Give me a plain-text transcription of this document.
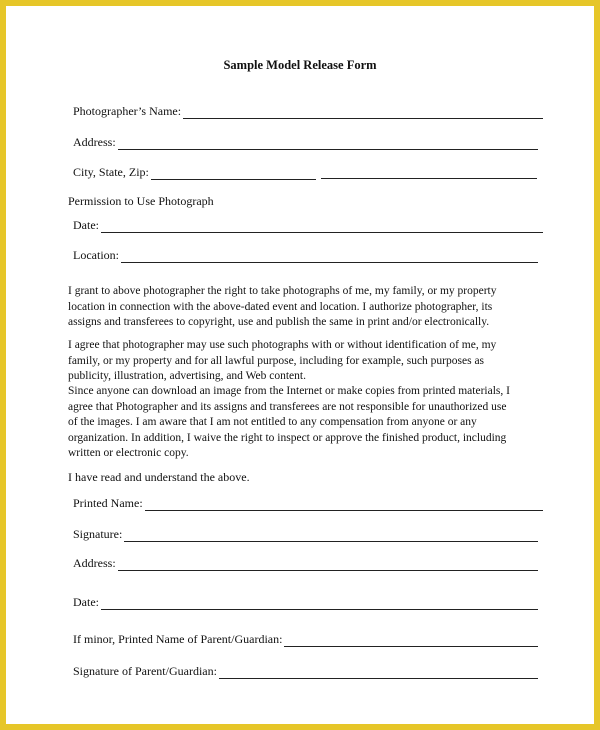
Sample Model Release Form
Photographer’s Name:
Address:
City, State, Zip:
Permission to Use Photograph
Date:
Location:
I grant to above photographer the right to take photographs of me, my family, or my property
location in connection with the above-dated event and location. I authorize photographer, its
assigns and transferees to copyright, use and publish the same in print and/or electronically.
I agree that photographer may use such photographs with or without identification of me, my
family, or my property and for all lawful purpose, including for example, such purposes as
publicity, illustration, advertising, and Web content.
Since anyone can download an image from the Internet or make copies from printed materials, I
agree that Photographer and its assigns and transferees are not responsible for unauthorized use
of the images. I am aware that I am not entitled to any compensation from anyone or any
organization. In addition, I waive the right to inspect or approve the finished product, including
written or electronic copy.
I have read and understand the above.
Printed Name:
Signature:
Address:
Date:
If minor, Printed Name of Parent/Guardian:
Signature of Parent/Guardian:
